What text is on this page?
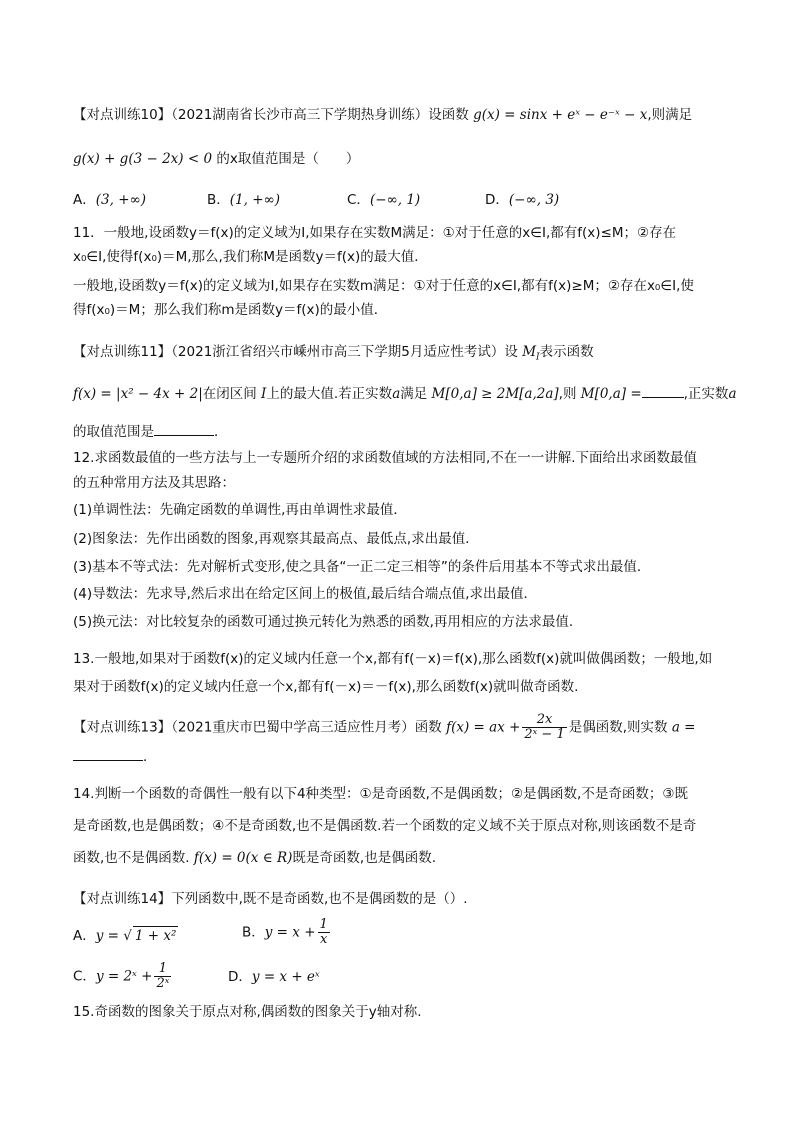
【对点训练10】（2021湖南省长沙市高三下学期热身训练）设函数 g(x) = sinx + eˣ − e⁻ˣ − x,则满足
g(x) + g(3 − 2x) < 0 的x取值范围是（　　）
A．(3, +∞)	B．(1, +∞)	C．(−∞, 1)	D．(−∞, 3)
11．一般地,设函数y＝f(x)的定义域为I,如果存在实数M满足：①对于任意的x∈I,都有f(x)≤M；②存在
x₀∈I,使得f(x₀)＝M,那么,我们称M是函数y＝f(x)的最大值．
一般地,设函数y＝f(x)的定义域为I,如果存在实数m满足：①对于任意的x∈I,都有f(x)≥M；②存在x₀∈I,使
得f(x₀)＝M；那么我们称m是函数y＝f(x)的最小值．
【对点训练11】（2021浙江省绍兴市嵊州市高三下学期5月适应性考试）设 $M_I$表示函数
f(x) = |x² − 4x + 2|在闭区间 I上的最大值.若正实数a满足 M[0,a] ≥ 2M[a,2a],则 M[0,a] =	,正实数a
的取值范围是	．
12.求函数最值的一些方法与上一专题所介绍的求函数值域的方法相同,不在一一讲解.下面给出求函数最值
的五种常用方法及其思路：
(1)单调性法：先确定函数的单调性,再由单调性求最值．
(2)图象法：先作出函数的图象,再观察其最高点、最低点,求出最值．
(3)基本不等式法：先对解析式变形,使之具备“一正二定三相等”的条件后用基本不等式求出最值．
(4)导数法：先求导,然后求出在给定区间上的极值,最后结合端点值,求出最值．
(5)换元法：对比较复杂的函数可通过换元转化为熟悉的函数,再用相应的方法求最值．
13.一般地,如果对于函数f(x)的定义域内任意一个x,都有f(－x)＝f(x),那么函数f(x)就叫做偶函数；一般地,如
果对于函数f(x)的定义域内任意一个x,都有f(－x)＝－f(x),那么函数f(x)就叫做奇函数.
【对点训练13】（2021重庆市巴蜀中学高三适应性月考）函数 f(x) = ax + $\frac{2x}{\text{2ˣ − 1}}$ 是偶函数,则实数 a =
．
14.判断一个函数的奇偶性一般有以下4种类型：①是奇函数,不是偶函数；②是偶函数,不是奇函数；③既
是奇函数,也是偶函数；④不是奇函数,也不是偶函数.若一个函数的定义域不关于原点对称,则该函数不是奇
函数,也不是偶函数. f(x) = 0(x ∈ R)既是奇函数,也是偶函数.
【对点训练14】下列函数中,既不是奇函数,也不是偶函数的是（）.
A．y = √ 1 + x²	B．$y = x + \frac{1}{x}$
C．y = 2ˣ + $\frac{1}{\text{2ˣ}}$	D．y = x + eˣ
15.奇函数的图象关于原点对称,偶函数的图象关于y轴对称.
